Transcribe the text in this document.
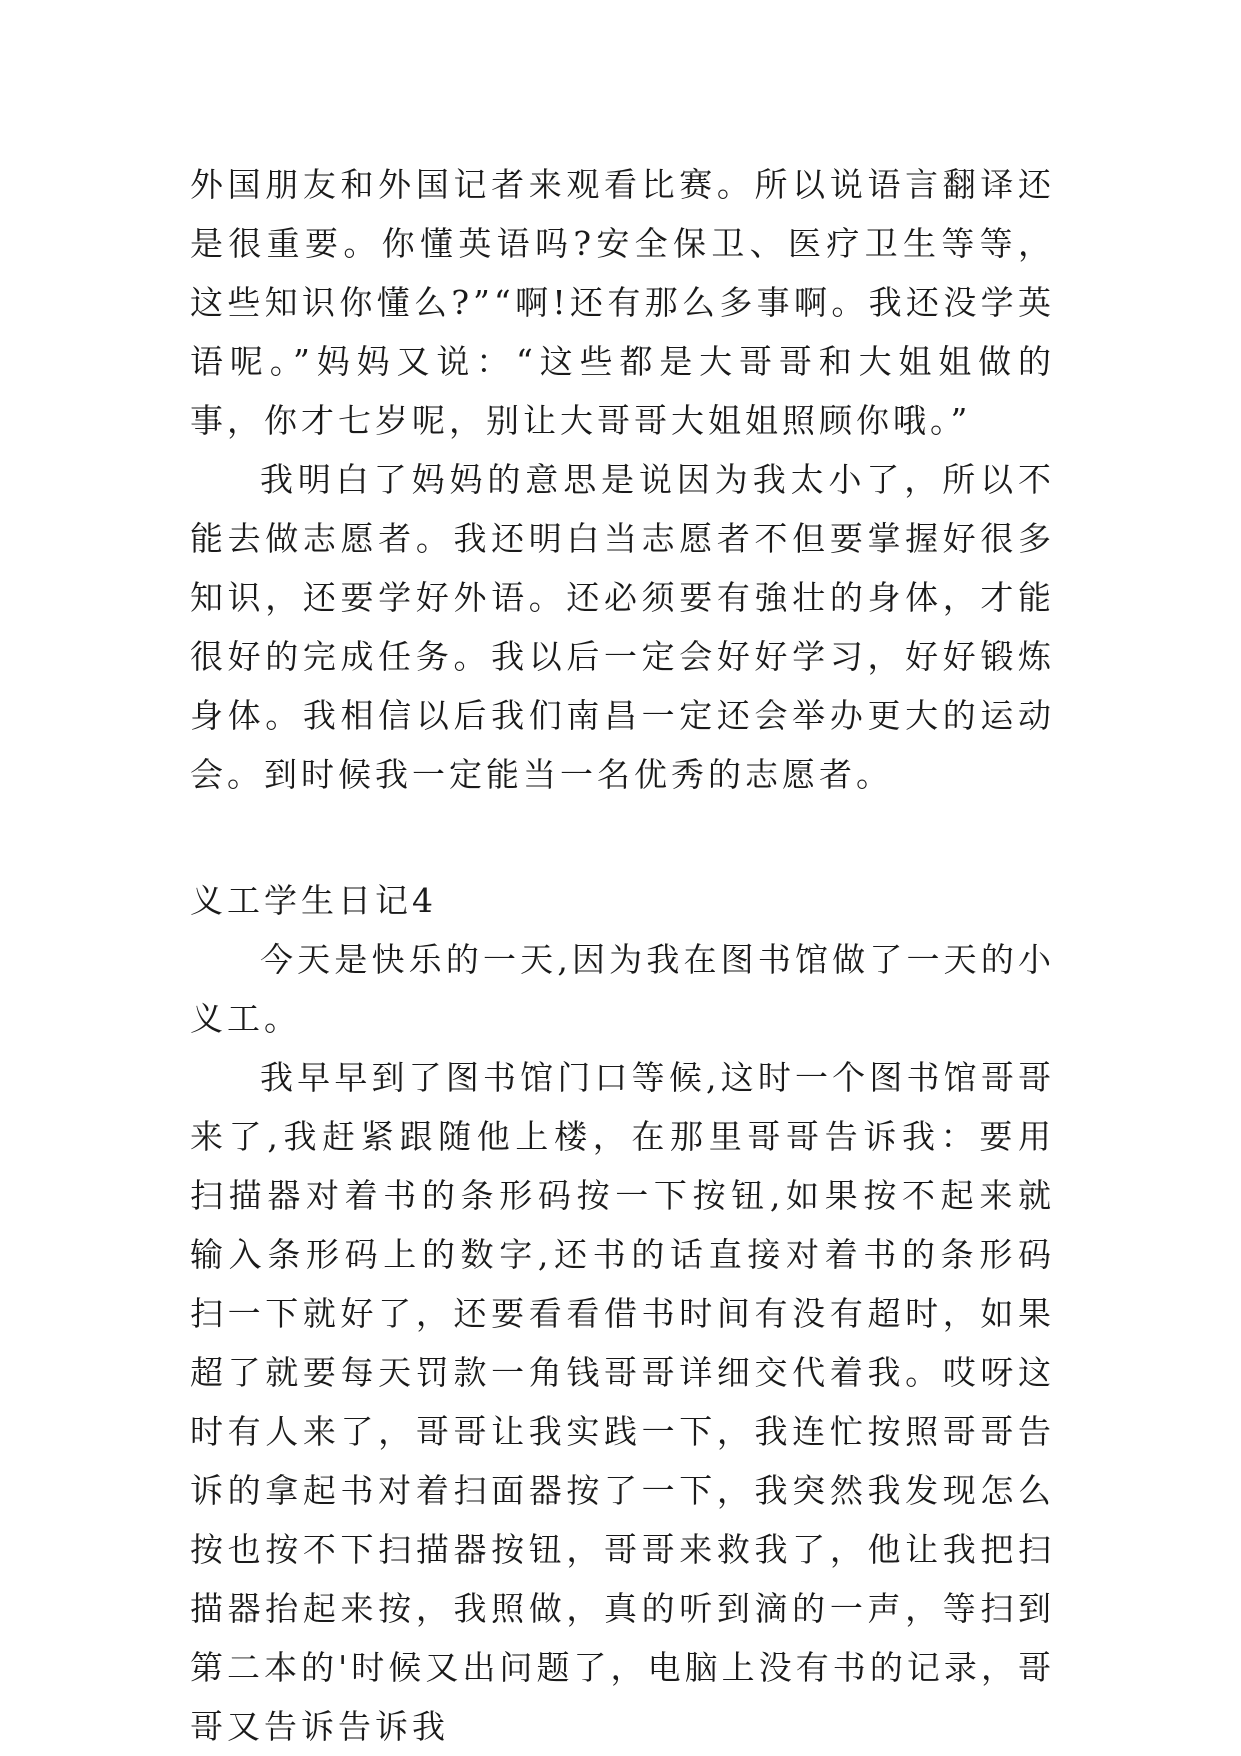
外国朋友和外国记者来观看比赛。所以说语言翻译还是很重要。你懂英语吗?安全保卫、医疗卫生等等，这些知识你懂么?”“啊!还有那么多事啊。我还没学英语呢。”妈妈又说：“这些都是大哥哥和大姐姐做的事，你才七岁呢，别让大哥哥大姐姐照顾你哦。”

我明白了妈妈的意思是说因为我太小了，所以不能去做志愿者。我还明白当志愿者不但要掌握好很多知识，还要学好外语。还必须要有強壮的身体，才能很好的完成任务。我以后一定会好好学习，好好锻炼身体。我相信以后我们南昌一定还会举办更大的运动会。到时候我一定能当一名优秀的志愿者。

义工学生日记4

今天是快乐的一天,因为我在图书馆做了一天的小义工。

我早早到了图书馆门口等候,这时一个图书馆哥哥来了,我赶紧跟随他上楼，在那里哥哥告诉我：要用扫描器对着书的条形码按一下按钮,如果按不起来就输入条形码上的数字,还书的话直接对着书的条形码扫一下就好了，还要看看借书时间有没有超时，如果超了就要每天罚款一角钱哥哥详细交代着我。哎呀这时有人来了，哥哥让我实践一下，我连忙按照哥哥告诉的拿起书对着扫面器按了一下，我突然我发现怎么按也按不下扫描器按钮，哥哥来救我了，他让我把扫描器抬起来按，我照做，真的听到滴的一声，等扫到第二本的'时候又出问题了，电脑上没有书的记录，哥哥又告诉告诉我
